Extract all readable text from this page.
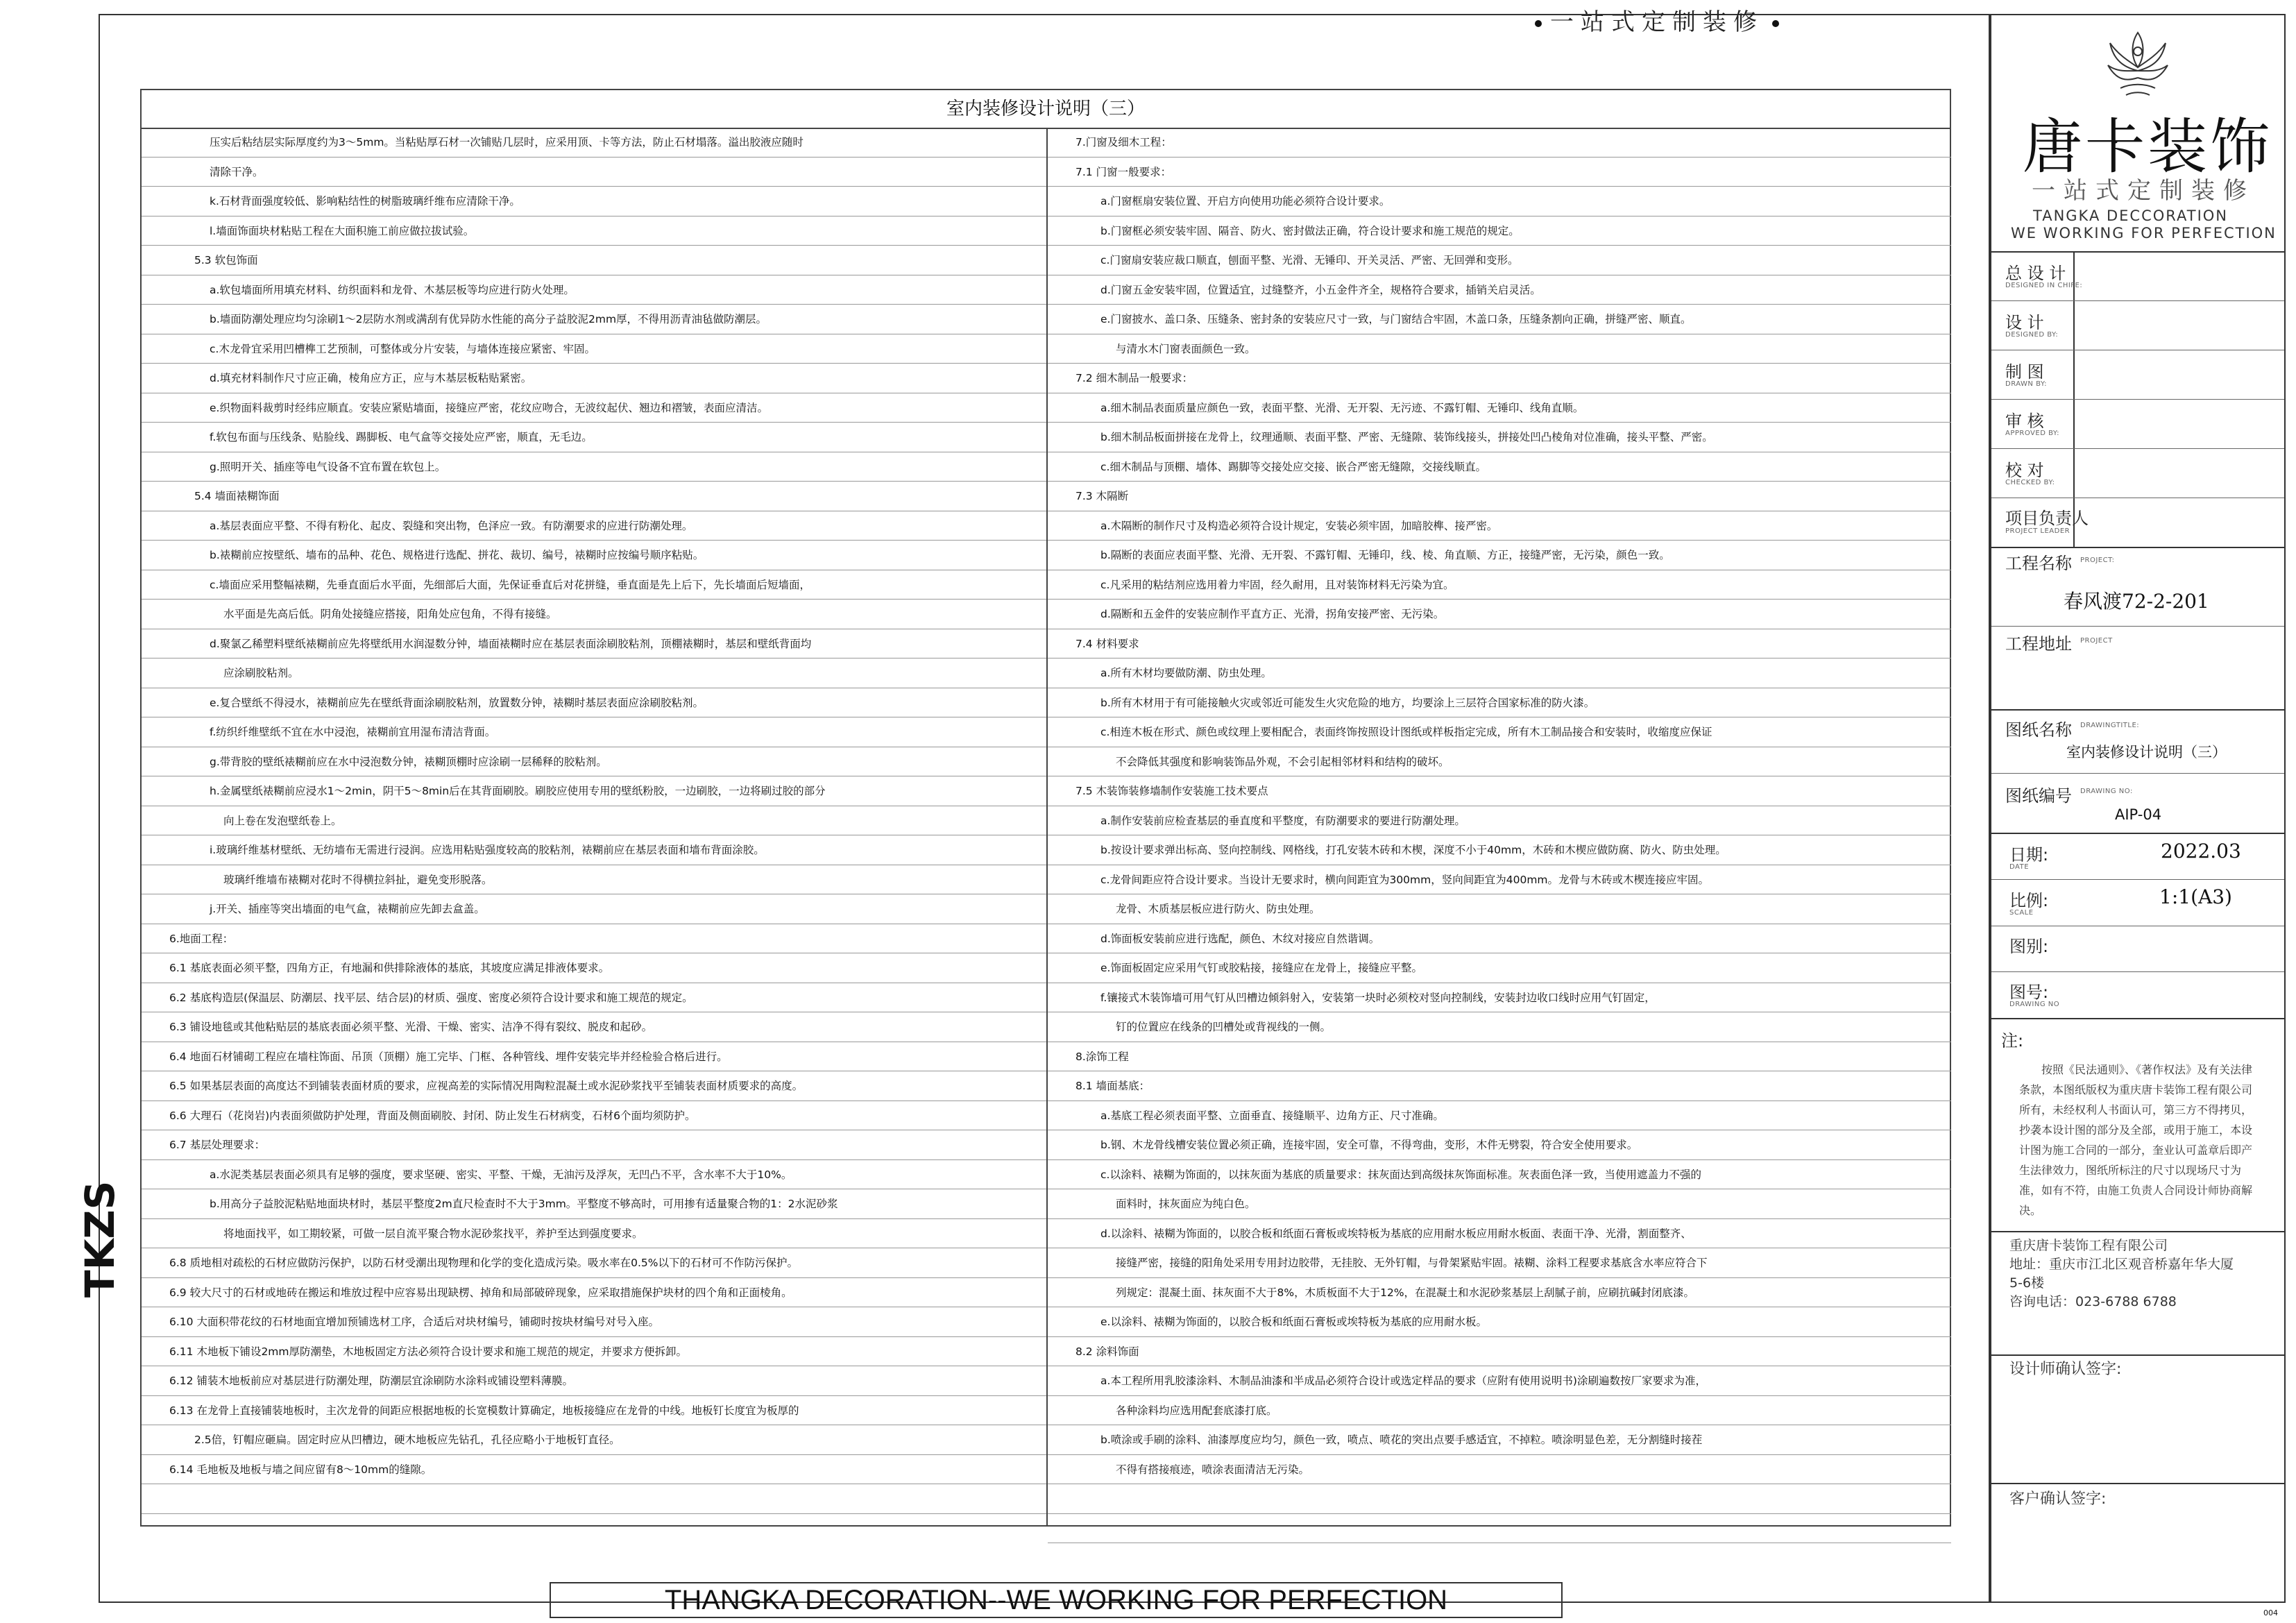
一站式定制装修
TKZS
室内装修设计说明（三）
压实后粘结层实际厚度约为3～5mm。当粘贴厚石材一次铺贴几层时，应采用顶、卡等方法，防止石材塌落。溢出胶液应随时
清除干净。
k.石材背面强度较低、影响粘结性的树脂玻璃纤维布应清除干净。
l.墙面饰面块材粘贴工程在大面积施工前应做拉拔试验。
5.3 软包饰面
a.软包墙面所用填充材料、纺织面料和龙骨、木基层板等均应进行防火处理。
b.墙面防潮处理应均匀涂刷1～2层防水剂或满刮有优异防水性能的高分子益胶泥2mm厚，不得用沥青油毡做防潮层。
c.木龙骨宜采用凹槽榫工艺预制，可整体或分片安装，与墙体连接应紧密、牢固。
d.填充材料制作尺寸应正确，棱角应方正，应与木基层板粘贴紧密。
e.织物面料裁剪时经纬应顺直。安装应紧贴墙面，接缝应严密，花纹应吻合，无波纹起伏、翘边和褶皱，表面应清洁。
f.软包布面与压线条、贴脸线、踢脚板、电气盒等交接处应严密，顺直，无毛边。
g.照明开关、插座等电气设备不宜布置在软包上。
5.4 墙面裱糊饰面
a.基层表面应平整、不得有粉化、起皮、裂缝和突出物，色泽应一致。有防潮要求的应进行防潮处理。
b.裱糊前应按壁纸、墙布的品种、花色、规格进行选配、拼花、裁切、编号，裱糊时应按编号顺序粘贴。
c.墙面应采用整幅裱糊，先垂直面后水平面，先细部后大面，先保证垂直后对花拼缝，垂直面是先上后下，先长墙面后短墙面，
水平面是先高后低。阴角处接缝应搭接，阳角处应包角，不得有接缝。
d.聚氯乙稀塑料壁纸裱糊前应先将壁纸用水润湿数分钟，墙面裱糊时应在基层表面涂刷胶粘剂，顶棚裱糊时，基层和壁纸背面均
应涂刷胶粘剂。
e.复合壁纸不得浸水，裱糊前应先在壁纸背面涂刷胶粘剂，放置数分钟，裱糊时基层表面应涂刷胶粘剂。
f.纺织纤维壁纸不宜在水中浸泡，裱糊前宜用湿布清洁背面。
g.带背胶的壁纸裱糊前应在水中浸泡数分钟，裱糊顶棚时应涂刷一层稀释的胶粘剂。
h.金属壁纸裱糊前应浸水1～2min，阴干5～8min后在其背面刷胶。刷胶应使用专用的壁纸粉胶，一边刷胶，一边将刷过胶的部分
向上卷在发泡壁纸卷上。
i.玻璃纤维基材壁纸、无纺墙布无需进行浸润。应选用粘贴强度较高的胶粘剂，裱糊前应在基层表面和墙布背面涂胶。
玻璃纤维墙布裱糊对花时不得横拉斜扯，避免变形脱落。
j.开关、插座等突出墙面的电气盒，裱糊前应先卸去盒盖。
6.地面工程：
6.1 基底表面必须平整，四角方正，有地漏和供排除液体的基底，其坡度应满足排液体要求。
6.2 基底构造层(保温层、防潮层、找平层、结合层)的材质、强度、密度必须符合设计要求和施工规范的规定。
6.3 铺设地毯或其他粘贴层的基底表面必须平整、光滑、干燥、密实、洁净不得有裂纹、脱皮和起砂。
6.4 地面石材铺砌工程应在墙柱饰面、吊顶（顶棚）施工完毕、门框、各种管线、埋件安装完毕并经检验合格后进行。
6.5 如果基层表面的高度达不到铺装表面材质的要求，应视高差的实际情况用陶粒混凝土或水泥砂浆找平至铺装表面材质要求的高度。
6.6 大理石（花岗岩)内表面须做防护处理，背面及侧面刷胶、封闭、防止发生石材病变，石材6个面均须防护。
6.7 基层处理要求：
a.水泥类基层表面必须具有足够的强度，要求坚硬、密实、平整、干燥，无油污及浮灰，无凹凸不平，含水率不大于10%。
b.用高分子益胶泥粘贴地面块材时，基层平整度2m直尺检查时不大于3mm。平整度不够高时，可用掺有适量聚合物的1：2水泥砂浆
将地面找平，如工期较紧，可做一层自流平聚合物水泥砂浆找平，养护至达到强度要求。
6.8 质地相对疏松的石材应做防污保护，以防石材受潮出现物理和化学的变化造成污染。吸水率在0.5%以下的石材可不作防污保护。
6.9 较大尺寸的石材或地砖在搬运和堆放过程中应容易出现缺楞、掉角和局部破碎现象，应采取措施保护块材的四个角和正面棱角。
6.10 大面积带花纹的石材地面宜增加预铺选材工序，合适后对块材编号，铺砌时按块材编号对号入座。
6.11 木地板下铺设2mm厚防潮垫，木地板固定方法必须符合设计要求和施工规范的规定，并要求方便拆卸。
6.12 铺装木地板前应对基层进行防潮处理，防潮层宜涂刷防水涂料或铺设塑料薄膜。
6.13 在龙骨上直接铺装地板时，主次龙骨的间距应根据地板的长宽模数计算确定，地板接缝应在龙骨的中线。地板钉长度宜为板厚的
2.5倍，钉帽应砸扁。固定时应从凹槽边，硬木地板应先钻孔，孔径应略小于地板钉直径。
6.14 毛地板及地板与墙之间应留有8～10mm的缝隙。
7.门窗及细木工程：
7.1 门窗一般要求：
a.门窗框扇安装位置、开启方向使用功能必须符合设计要求。
b.门窗框必须安装牢固、隔音、防火、密封做法正确，符合设计要求和施工规范的规定。
c.门窗扇安装应裁口顺直，刨面平整、光滑、无锤印、开关灵活、严密、无回弹和变形。
d.门窗五金安装牢固，位置适宜，过缝整齐，小五金件齐全，规格符合要求，插销关启灵活。
e.门窗披水、盖口条、压缝条、密封条的安装应尺寸一致，与门窗结合牢固，木盖口条，压缝条割向正确，拼缝严密、顺直。
与清水木门窗表面颜色一致。
7.2 细木制品一般要求：
a.细木制品表面质量应颜色一致，表面平整、光滑、无开裂、无污迹、不露钉帽、无锤印、线角直顺。
b.细木制品板面拼接在龙骨上，纹理通顺、表面平整、严密、无缝隙、装饰线接头，拼接处凹凸棱角对位准确，接头平整、严密。
c.细木制品与顶棚、墙体、踢脚等交接处应交接、嵌合严密无缝隙，交接线顺直。
7.3 木隔断
a.木隔断的制作尺寸及构造必须符合设计规定，安装必须牢固，加暗胶榫、接严密。
b.隔断的表面应表面平整、光滑、无开裂、不露钉帽、无锤印，线、棱、角直顺、方正，接缝严密，无污染，颜色一致。
c.凡采用的粘结剂应选用着力牢固，经久耐用，且对装饰材料无污染为宜。
d.隔断和五金件的安装应制作平直方正、光滑，拐角安接严密、无污染。
7.4 材料要求
a.所有木材均要做防潮、防虫处理。
b.所有木材用于有可能接触火灾或邻近可能发生火灾危险的地方，均要涂上三层符合国家标准的防火漆。
c.相连木板在形式、颜色或纹理上要相配合，表面终饰按照设计图纸或样板指定完成，所有木工制品接合和安装时，收缩度应保证
不会降低其强度和影响装饰品外观，不会引起相邻材料和结构的破坏。
7.5 木装饰装修墙制作安装施工技术要点
a.制作安装前应检查基层的垂直度和平整度，有防潮要求的要进行防潮处理。
b.按设计要求弹出标高、竖向控制线、网格线，打孔安装木砖和木楔，深度不小于40mm，木砖和木楔应做防腐、防火、防虫处理。
c.龙骨间距应符合设计要求。当设计无要求时，横向间距宜为300mm，竖向间距宜为400mm。龙骨与木砖或木楔连接应牢固。
龙骨、木质基层板应进行防火、防虫处理。
d.饰面板安装前应进行选配，颜色、木纹对接应自然谐调。
e.饰面板固定应采用气钉或胶粘接，接缝应在龙骨上，接缝应平整。
f.镶接式木装饰墙可用气钉从凹槽边倾斜射入，安装第一块时必须校对竖向控制线，安装封边收口线时应用气钉固定，
钉的位置应在线条的凹槽处或背视线的一侧。
8.涂饰工程
8.1 墙面基底：
a.基底工程必须表面平整、立面垂直、接缝顺平、边角方正、尺寸准确。
b.钢、木龙骨线槽安装位置必须正确，连接牢固，安全可靠，不得弯曲，变形，木件无劈裂，符合安全使用要求。
c.以涂料、裱糊为饰面的，以抹灰面为基底的质量要求：抹灰面达到高级抹灰饰面标准。灰表面色泽一致，当使用遮盖力不强的
面料时，抹灰面应为纯白色。
d.以涂料、裱糊为饰面的，以胶合板和纸面石膏板或埃特板为基底的应用耐水板应用耐水板面、表面干净、光滑，割面整齐、
接缝严密，接缝的阳角处采用专用封边胶带，无挂胶、无外钉帽，与骨架紧贴牢固。裱糊、涂料工程要求基底含水率应符合下
列规定：混凝土面、抹灰面不大于8%，木质板面不大于12%，在混凝土和水泥砂浆基层上刮腻子前，应刷抗碱封闭底漆。
e.以涂料、裱糊为饰面的，以胶合板和纸面石膏板或埃特板为基底的应用耐水板。
8.2 涂料饰面
a.本工程所用乳胶漆涂料、木制品油漆和半成品必须符合设计或选定样品的要求（应附有使用说明书)涂刷遍数按厂家要求为准，
各种涂料均应选用配套底漆打底。
b.喷涂或手刷的涂料、油漆厚度应均匀，颜色一致，喷点、喷花的突出点要手感适宜，不掉粒。喷涂明显色差，无分割缝时接茬
不得有搭接痕迹，喷涂表面清洁无污染。
唐卡装饰
一站式定制装修
TANGKA DECCORATION
WE WORKING FOR PERFECTION
总 设 计
DESIGNED IN CHIFE:
设 计
DESIGNED BY:
制 图
DRAWN BY:
审 核
APPROVED BY:
校 对
CHECKED BY:
项目负责人
PROJECT LEADER
工程名称 PROJECT:
春风渡72-2-201
工程地址 PROJECT
图纸名称 DRAWINGTITLE:
室内装修设计说明（三）
图纸编号 DRAWING NO:
AIP-04
日期:
DATE
2022.03
比例:
SCALE
1:1(A3)
图别:
图号:
DRAWING NO
注:
按照《民法通则》、《著作权法》及有关法律条款，本图纸版权为重庆唐卡装饰工程有限公司所有，未经权利人书面认可，第三方不得拷贝，抄袭本设计图的部分及全部，或用于施工，本设计图为施工合同的一部分，奎业认可盖章后即产生法律效力，图纸所标注的尺寸以现场尺寸为准，如有不符，由施工负责人合同设计师协商解决。
重庆唐卡装饰工程有限公司
地址：重庆市江北区观音桥嘉年华大厦
5-6楼
咨询电话：023-6788 6788
设计师确认签字:
客户确认签字:
THANGKA DECORATION--WE WORKING FOR PERFECTION	004
